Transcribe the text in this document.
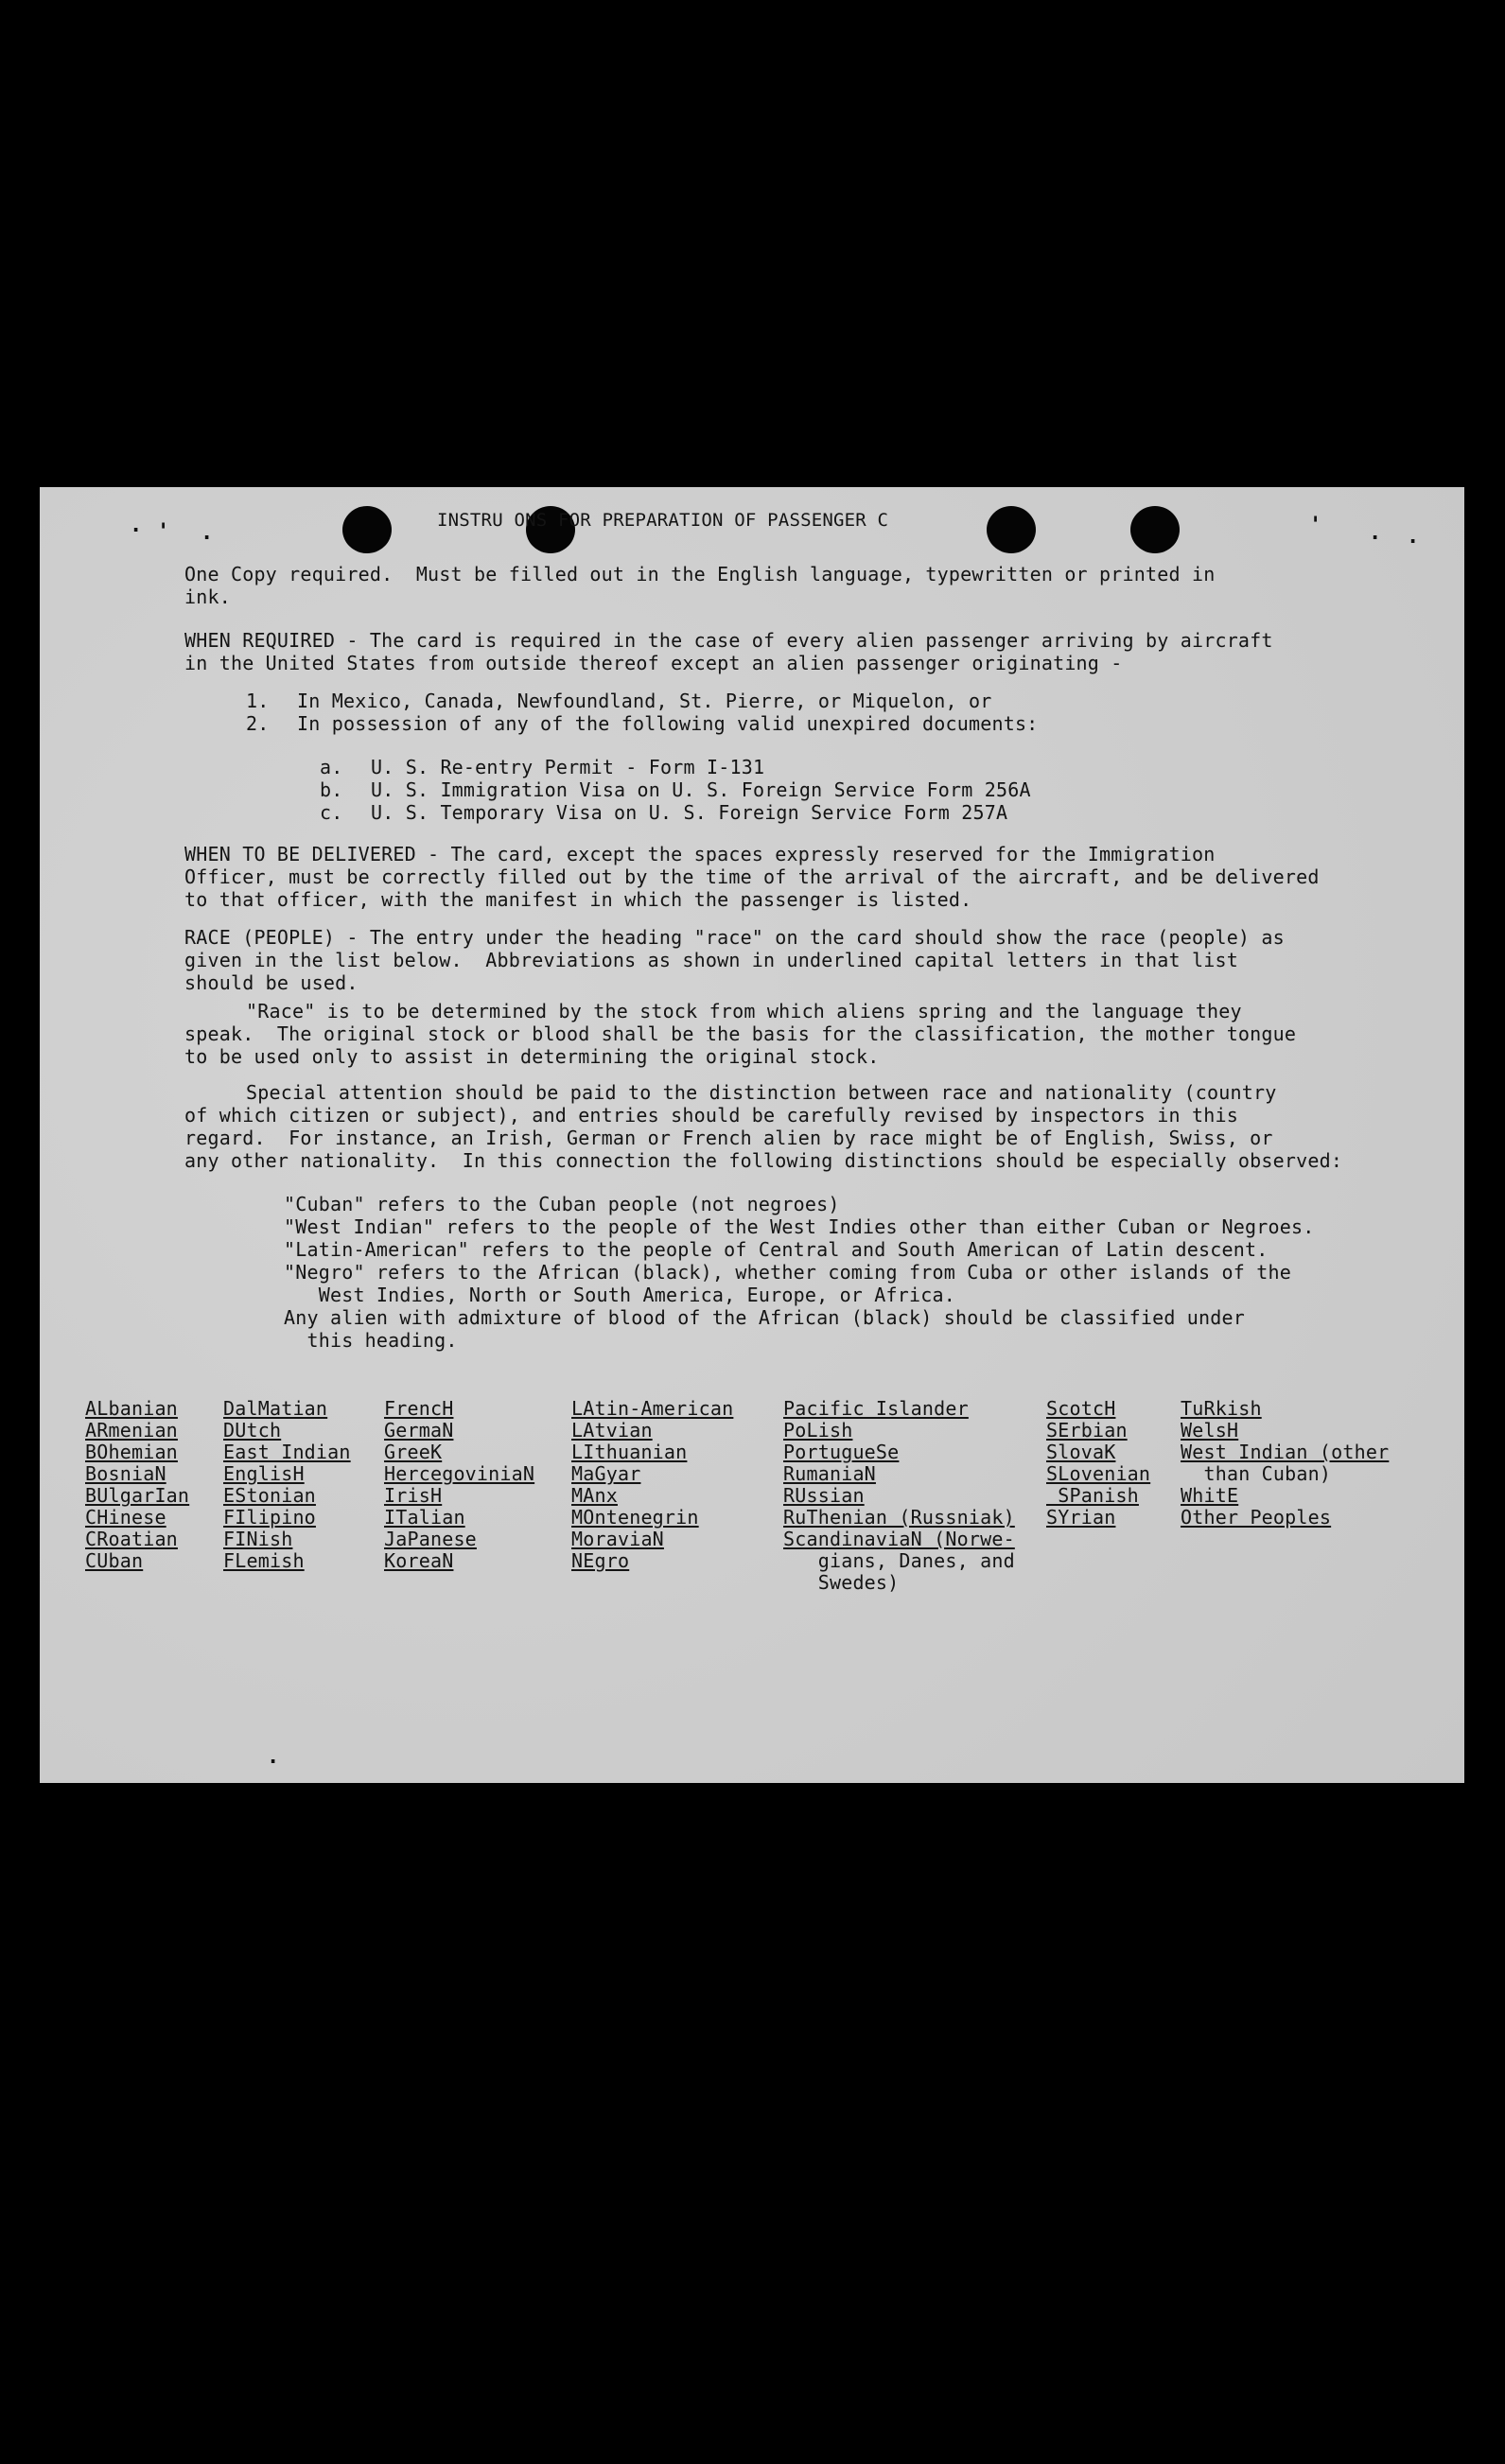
. ' .	' . .
.
INSTRU ONS FOR PREPARATION OF PASSENGER C
One Copy required.  Must be filled out in the English language, typewritten or printed in
ink.
WHEN REQUIRED - The card is required in the case of every alien passenger arriving by aircraft
in the United States from outside thereof except an alien passenger originating -
1. In Mexico, Canada, Newfoundland, St. Pierre, or Miquelon, or
2. In possession of any of the following valid unexpired documents:
a. U. S. Re-entry Permit - Form I-131
b. U. S. Immigration Visa on U. S. Foreign Service Form 256A
c. U. S. Temporary Visa on U. S. Foreign Service Form 257A
WHEN TO BE DELIVERED - The card, except the spaces expressly reserved for the Immigration
Officer, must be correctly filled out by the time of the arrival of the aircraft, and be delivered
to that officer, with the manifest in which the passenger is listed.
RACE (PEOPLE) - The entry under the heading "race" on the card should show the race (people) as
given in the list below.  Abbreviations as shown in underlined capital letters in that list
should be used.
"Race" is to be determined by the stock from which aliens spring and the language they
speak.  The original stock or blood shall be the basis for the classification, the mother tongue
to be used only to assist in determining the original stock.
Special attention should be paid to the distinction between race and nationality (country
of which citizen or subject), and entries should be carefully revised by inspectors in this
regard.  For instance, an Irish, German or French alien by race might be of English, Swiss, or
any other nationality.  In this connection the following distinctions should be especially observed:
"Cuban" refers to the Cuban people (not negroes)
"West Indian" refers to the people of the West Indies other than either Cuban or Negroes.
"Latin-American" refers to the people of Central and South American of Latin descent.
"Negro" refers to the African (black), whether coming from Cuba or other islands of the
West Indies, North or South America, Europe, or Africa.
Any alien with admixture of blood of the African (black) should be classified under
this heading.
ALbanian
ARmenian
BOhemian
BosniaN
BUlgarIan
CHinese
CRoatian
CUban
DalMatian
DUtch
East Indian
EnglisH
EStonian
FIlipino
FINish
FLemish
FrencH
GermaN
GreeK
HercegoviniaN
IrisH
ITalian
JaPanese
KoreaN
LAtin-American
LAtvian
LIthuanian
MaGyar
MAnx
MOntenegrin
MoraviaN
NEgro
Pacific Islander
PoLish
PortugueSe
RumaniaN
RUssian
RuThenian (Russniak)
ScandinaviaN (Norwe-
gians, Danes, and
Swedes)
ScotcH
SErbian
SlovaK
SLovenian
SPanish
SYrian
TuRkish
WelsH
West Indian (other
than Cuban)
WhitE
Other Peoples
